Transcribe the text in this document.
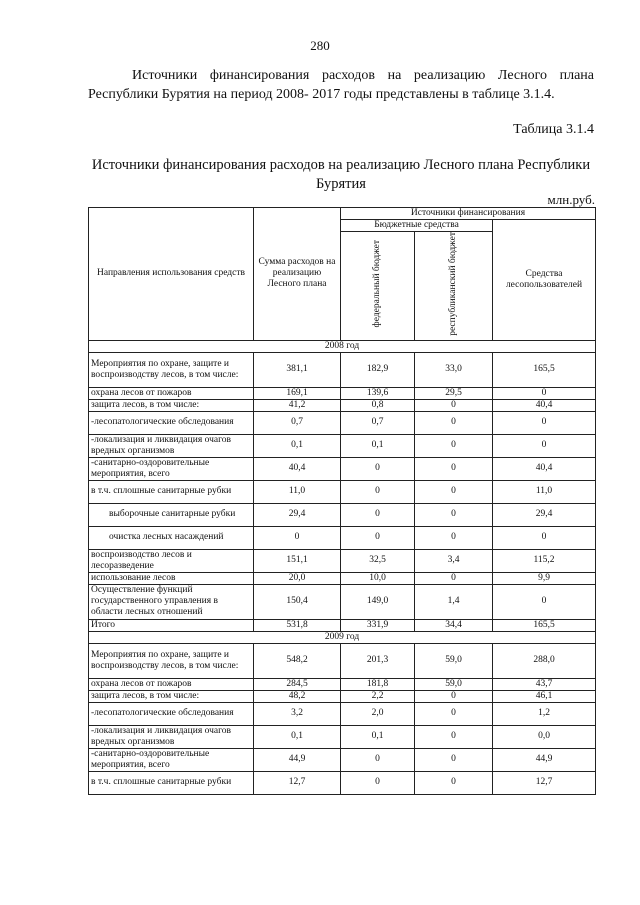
280

Источники финансирования расходов на реализацию Лесного плана Республики Бурятия на период 2008- 2017 годы представлены в таблице 3.1.4.

Таблица 3.1.4
Источники финансирования расходов на реализацию Лесного плана Республики Бурятия
млн.руб.
Направления использования средств	Сумма расходов на реализацию Лесного плана	Источники финансирования		
		Бюджетные средства		Средства лесопользователей
		федеральный бюджет	республиканский бюджет	
2008 год				
Мероприятия по охране, защите и воспроизводству лесов, в том числе:	381,1	182,9	33,0	165,5
охрана лесов от пожаров	169,1	139,6	29,5	0
защита лесов, в том числе:	41,2	0,8	0	40,4
-лесопатологические обследования	0,7	0,7	0	0
-локализация и ликвидация очагов вредных организмов	0,1	0,1	0	0
-санитарно-оздоровительные мероприятия, всего	40,4	0	0	40,4
в т.ч. сплошные санитарные рубки	11,0	0	0	11,0
выборочные санитарные рубки	29,4	0	0	29,4
очистка лесных насаждений	0	0	0	0
воспроизводство лесов и лесоразведение	151,1	32,5	3,4	115,2
использование лесов	20,0	10,0	0	9,9
Осуществление функций государственного управления в области лесных отношений	150,4	149,0	1,4	0
Итого	531,8	331,9	34,4	165,5
2009 год				
Мероприятия по охране, защите и воспроизводству лесов, в том числе:	548,2	201,3	59,0	288,0
охрана лесов от пожаров	284,5	181,8	59,0	43,7
защита лесов, в том числе:	48,2	2,2	0	46,1
-лесопатологические обследования	3,2	2,0	0	1,2
-локализация и ликвидация очагов вредных организмов	0,1	0,1	0	0,0
-санитарно-оздоровительные мероприятия, всего	44,9	0	0	44,9
в т.ч. сплошные санитарные рубки	12,7	0	0	12,7
